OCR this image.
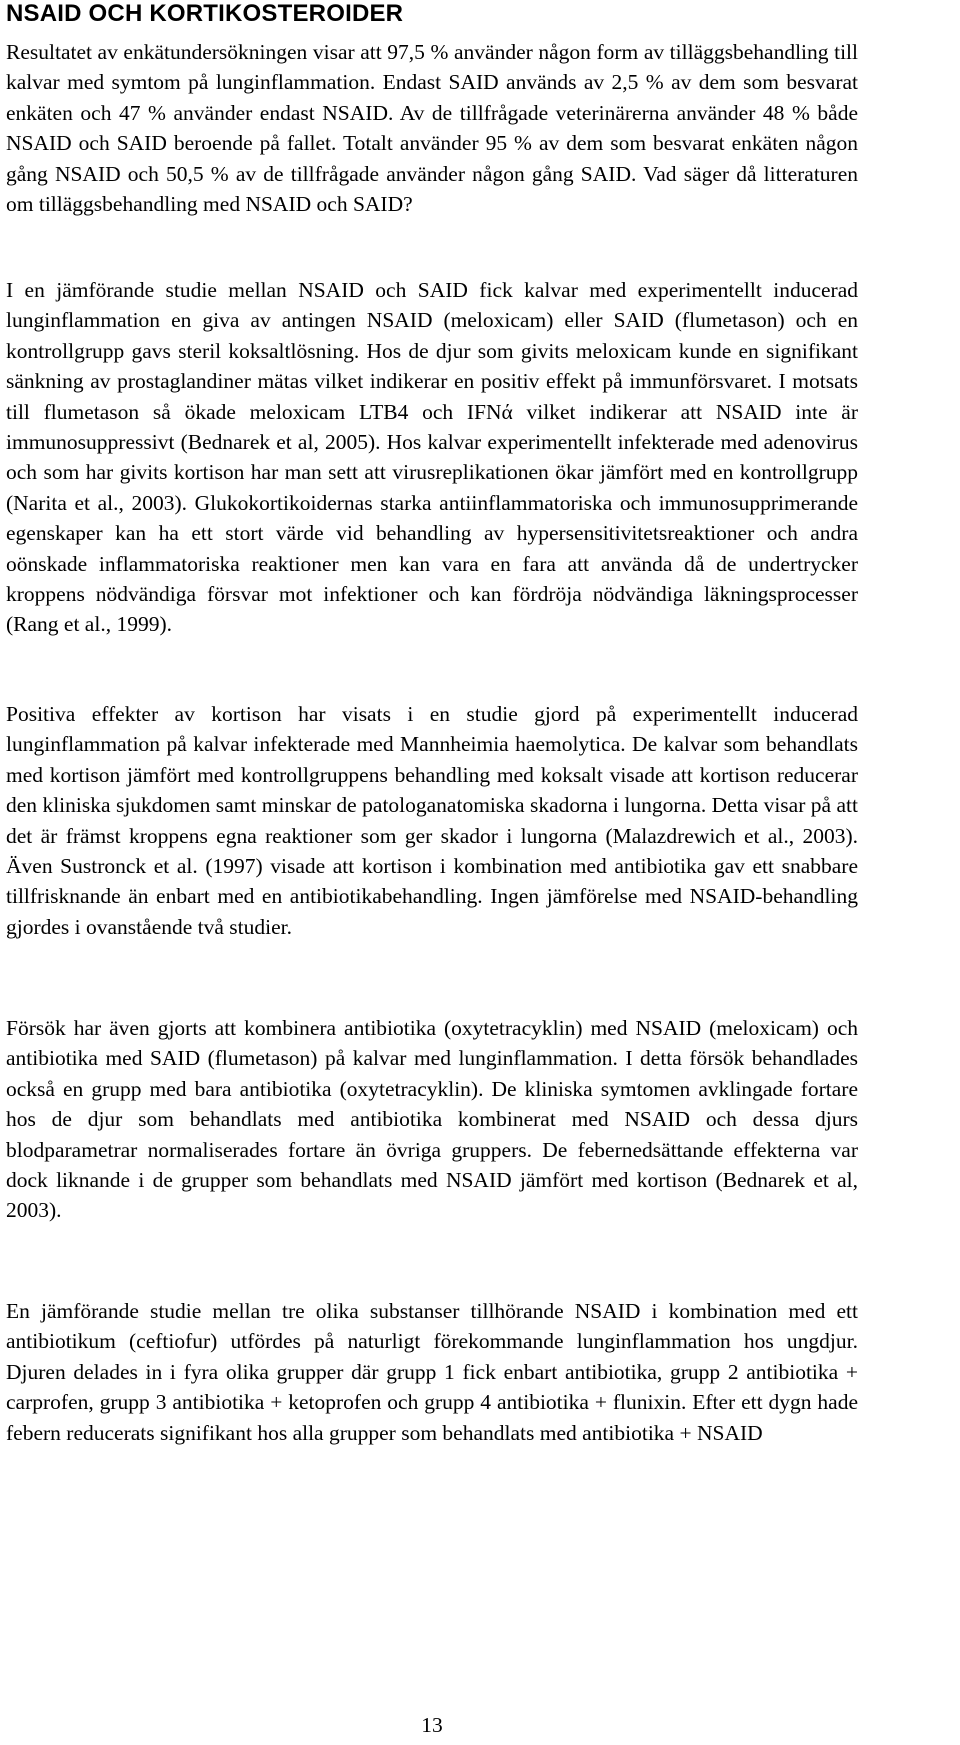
NSAID OCH KORTIKOSTEROIDER

Resultatet av enkätundersökningen visar att 97,5 % använder någon form av tilläggsbehandling till kalvar med symtom på lunginflammation. Endast SAID används av 2,5 % av dem som besvarat enkäten och 47 % använder endast NSAID. Av de tillfrågade veterinärerna använder 48 % både NSAID och SAID beroende på fallet. Totalt använder 95 % av dem som besvarat enkäten någon gång NSAID och 50,5 % av de tillfrågade använder någon gång SAID. Vad säger då litteraturen om tilläggsbehandling med NSAID och SAID?

I en jämförande studie mellan NSAID och SAID fick kalvar med experimentellt inducerad lunginflammation en giva av antingen NSAID (meloxicam) eller SAID (flumetason) och en kontrollgrupp gavs steril koksaltlösning. Hos de djur som givits meloxicam kunde en signifikant sänkning av prostaglandiner mätas vilket indikerar en positiv effekt på immunförsvaret. I motsats till flumetason så ökade meloxicam LTB4 och IFNά vilket indikerar att NSAID inte är immunosuppressivt (Bednarek et al, 2005). Hos kalvar experimentellt infekterade med adenovirus och som har givits kortison har man sett att virusreplikationen ökar jämfört med en kontrollgrupp (Narita et al., 2003). Glukokortikoidernas starka antiinflammatoriska och immunosupprimerande egenskaper kan ha ett stort värde vid behandling av hypersensitivitetsreaktioner och andra oönskade inflammatoriska reaktioner men kan vara en fara att använda då de undertrycker kroppens nödvändiga försvar mot infektioner och kan fördröja nödvändiga läkningsprocesser (Rang et al., 1999).

Positiva effekter av kortison har visats i en studie gjord på experimentellt inducerad lunginflammation på kalvar infekterade med Mannheimia haemolytica. De kalvar som behandlats med kortison jämfört med kontrollgruppens behandling med koksalt visade att kortison reducerar den kliniska sjukdomen samt minskar de patologanatomiska skadorna i lungorna. Detta visar på att det är främst kroppens egna reaktioner som ger skador i lungorna (Malazdrewich et al., 2003). Även Sustronck et al. (1997) visade att kortison i kombination med antibiotika gav ett snabbare tillfrisknande än enbart med en antibiotikabehandling. Ingen jämförelse med NSAID-behandling gjordes i ovanstående två studier.

Försök har även gjorts att kombinera antibiotika (oxytetracyklin) med NSAID (meloxicam) och antibiotika med SAID (flumetason) på kalvar med lunginflammation. I detta försök behandlades också en grupp med bara antibiotika (oxytetracyklin). De kliniska symtomen avklingade fortare hos de djur som behandlats med antibiotika kombinerat med NSAID och dessa djurs blodparametrar normaliserades fortare än övriga gruppers. De febernedsättande effekterna var dock liknande i de grupper som behandlats med NSAID jämfört med kortison (Bednarek et al, 2003).

En jämförande studie mellan tre olika substanser tillhörande NSAID i kombination med ett antibiotikum (ceftiofur) utfördes på naturligt förekommande lunginflammation hos ungdjur. Djuren delades in i fyra olika grupper där grupp 1 fick enbart antibiotika, grupp 2 antibiotika + carprofen, grupp 3 antibiotika + ketoprofen och grupp 4 antibiotika + flunixin. Efter ett dygn hade febern reducerats signifikant hos alla grupper som behandlats med antibiotika + NSAID

13
